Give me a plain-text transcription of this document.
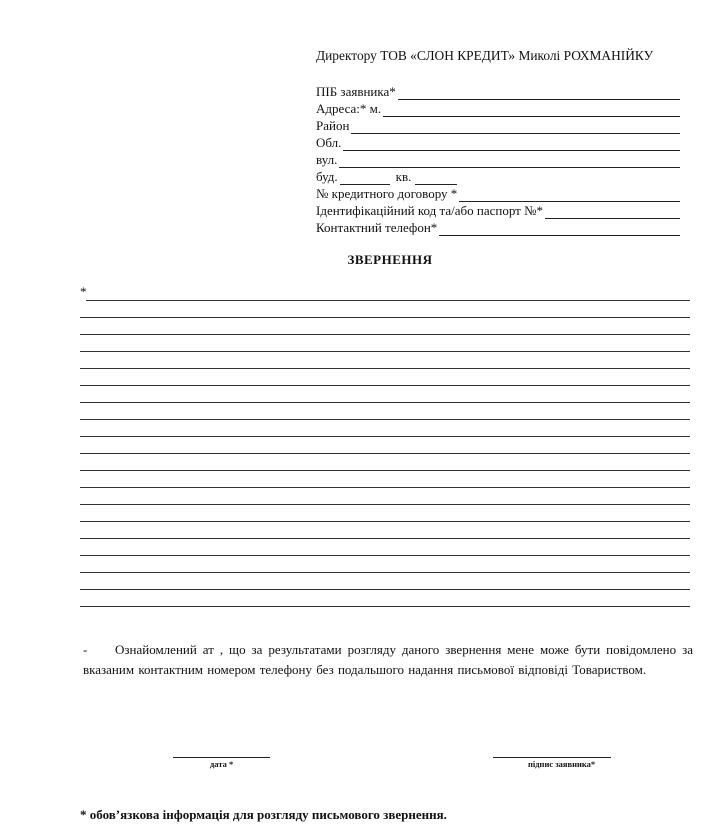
Директору ТОВ «СЛОН КРЕДИТ» Миколі РОХМАНІЙКУ
ПІБ заявника*
Адреса:* м.
Район
Обл.
вул.
буд.	кв.
№ кредитного договору *
Ідентифікаційний код та/або паспорт №*
Контактний телефон*
ЗВЕРНЕННЯ
*
- Ознайомлений ат , що за результатами розгляду даного звернення мене може бути повідомлено за вказаним контактним номером телефону без подальшого надання письмової відповіді Товариством.
дата *	підпис заявника*
* обов’язкова інформація для розгляду письмового звернення.
